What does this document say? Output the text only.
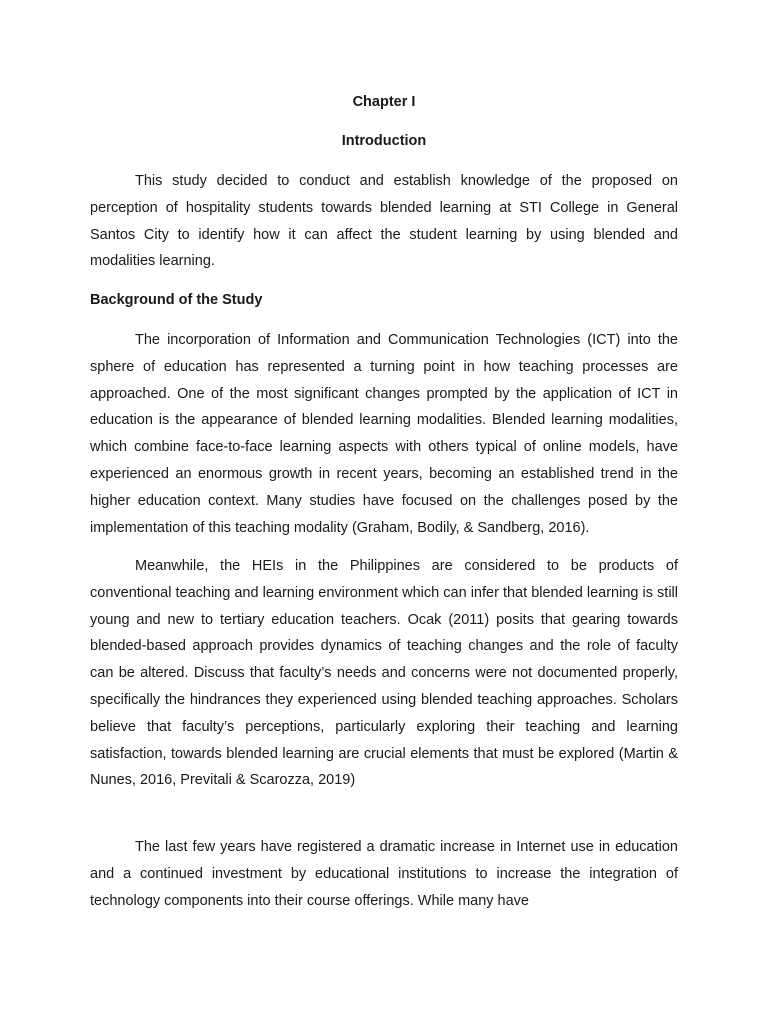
Chapter I
Introduction

This study decided to conduct and establish knowledge of the proposed on perception of hospitality students towards blended learning at STI College in General Santos City to identify how it can affect the student learning by using blended and modalities learning.

Background of the Study

The incorporation of Information and Communication Technologies (ICT) into the sphere of education has represented a turning point in how teaching processes are approached. One of the most significant changes prompted by the application of ICT in education is the appearance of blended learning modalities. Blended learning modalities, which combine face-to-face learning aspects with others typical of online models, have experienced an enormous growth in recent years, becoming an established trend in the higher education context. Many studies have focused on the challenges posed by the implementation of this teaching modality (Graham, Bodily, & Sandberg, 2016).

Meanwhile, the HEIs in the Philippines are considered to be products of conventional teaching and learning environment which can infer that blended learning is still young and new to tertiary education teachers. Ocak (2011) posits that gearing towards blended-based approach provides dynamics of teaching changes and the role of faculty can be altered. Discuss that faculty’s needs and concerns were not documented properly, specifically the hindrances they experienced using blended teaching approaches. Scholars believe that faculty’s perceptions, particularly exploring their teaching and learning satisfaction, towards blended learning are crucial elements that must be explored (Martin & Nunes, 2016, Previtali & Scarozza, 2019)

The last few years have registered a dramatic increase in Internet use in education and a continued investment by educational institutions to increase the integration of technology components into their course offerings. While many have
